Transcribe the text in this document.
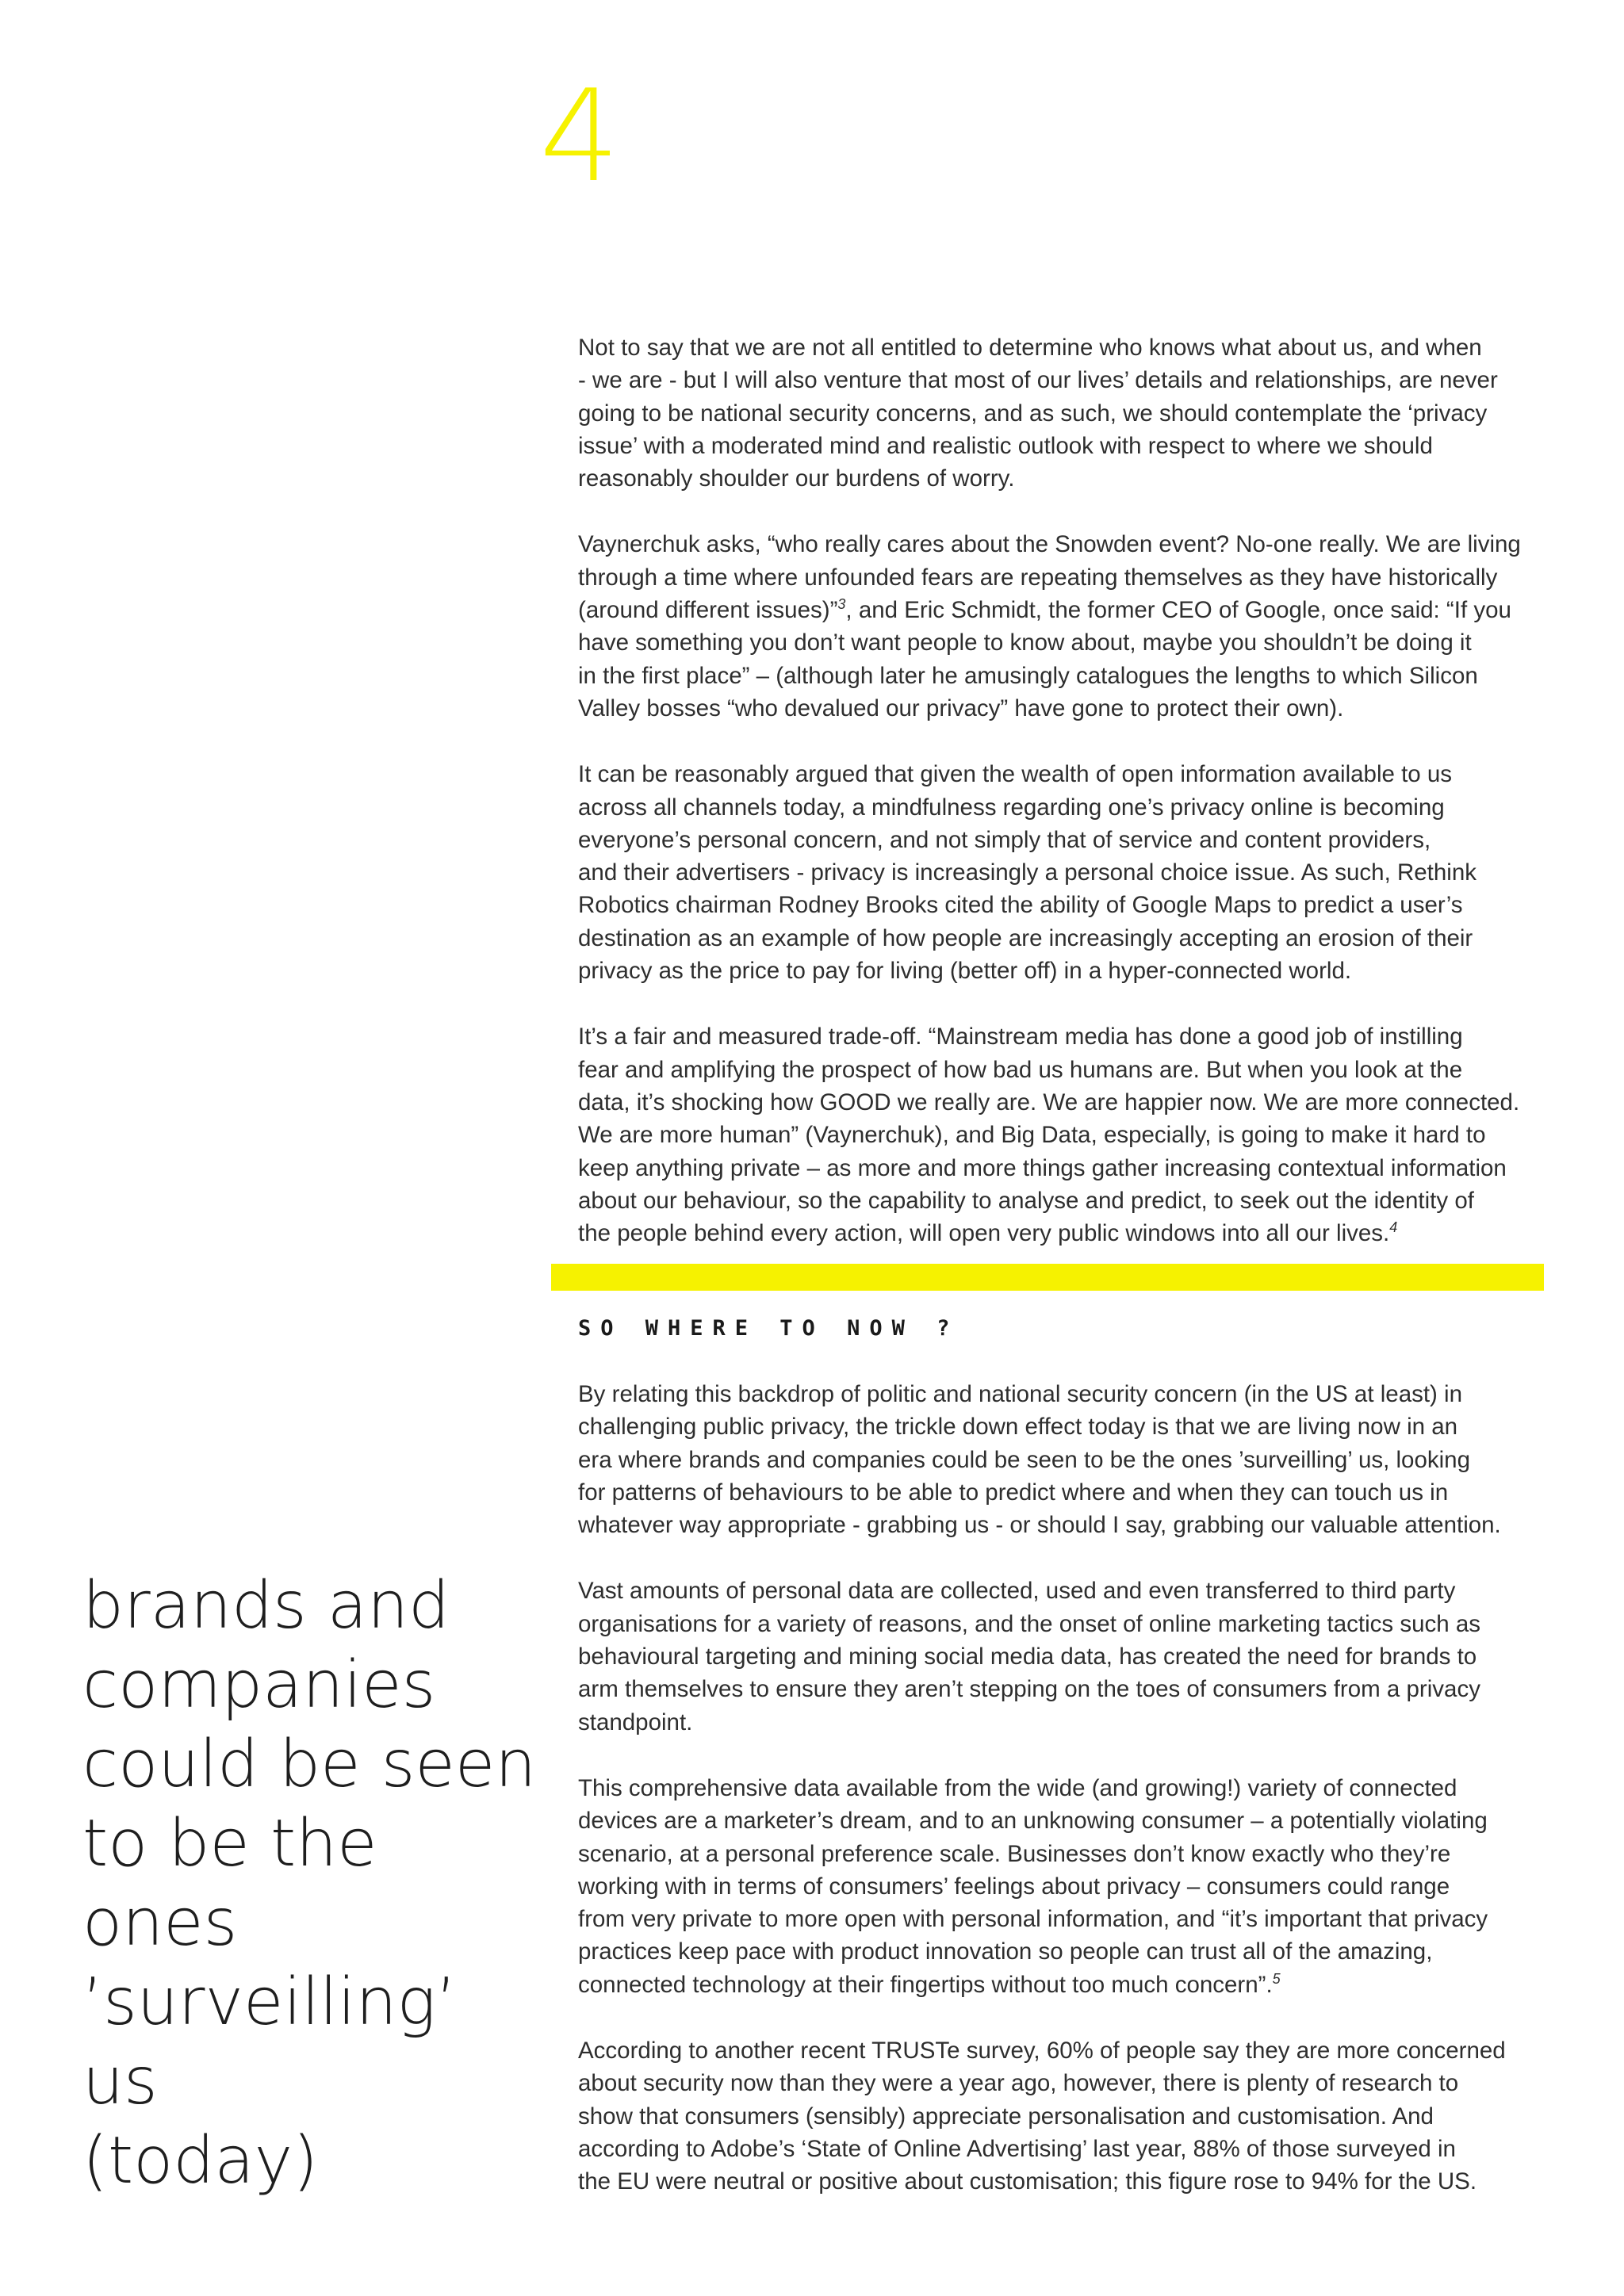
4

Not to say that we are not all entitled to determine who knows what about us, and when
- we are - but I will also venture that most of our lives’ details and relationships, are never
going to be national security concerns, and as such, we should contemplate the ‘privacy
issue’ with a moderated mind and realistic outlook with respect to where we should
reasonably shoulder our burdens of worry.

Vaynerchuk asks, “who really cares about the Snowden event? No-one really. We are living
through a time where unfounded fears are repeating themselves as they have historically
(around different issues)”$^3$, and Eric Schmidt, the former CEO of Google, once said: “If you
have something you don’t want people to know about, maybe you shouldn’t be doing it
in the first place” – (although later he amusingly catalogues the lengths to which Silicon
Valley bosses “who devalued our privacy” have gone to protect their own).

It can be reasonably argued that given the wealth of open information available to us
across all channels today, a mindfulness regarding one’s privacy online is becoming
everyone’s personal concern, and not simply that of service and content providers,
and their advertisers - privacy is increasingly a personal choice issue. As such, Rethink
Robotics chairman Rodney Brooks cited the ability of Google Maps to predict a user’s
destination as an example of how people are increasingly accepting an erosion of their
privacy as the price to pay for living (better off) in a hyper-connected world.

It’s a fair and measured trade-off. “Mainstream media has done a good job of instilling
fear and amplifying the prospect of how bad us humans are. But when you look at the
data, it’s shocking how GOOD we really are. We are happier now. We are more connected.
We are more human” (Vaynerchuk), and Big Data, especially, is going to make it hard to
keep anything private – as more and more things gather increasing contextual information
about our behaviour, so the capability to analyse and predict, to seek out the identity of
the people behind every action, will open very public windows into all our lives.$^4$

SO WHERE TO NOW ?

By relating this backdrop of politic and national security concern (in the US at least) in
challenging public privacy, the trickle down effect today is that we are living now in an
era where brands and companies could be seen to be the ones ’surveilling’ us, looking
for patterns of behaviours to be able to predict where and when they can touch us in
whatever way appropriate - grabbing us - or should I say, grabbing our valuable attention.

Vast amounts of personal data are collected, used and even transferred to third party
organisations for a variety of reasons, and the onset of online marketing tactics such as
behavioural targeting and mining social media data, has created the need for brands to
arm themselves to ensure they aren’t stepping on the toes of consumers from a privacy
standpoint.

This comprehensive data available from the wide (and growing!) variety of connected
devices are a marketer’s dream, and to an unknowing consumer – a potentially violating
scenario, at a personal preference scale. Businesses don’t know exactly who they’re
working with in terms of consumers’ feelings about privacy – consumers could range
from very private to more open with personal information, and “it’s important that privacy
practices keep pace with product innovation so people can trust all of the amazing,
connected technology at their fingertips without too much concern”.$^5$

According to another recent TRUSTe survey, 60% of people say they are more concerned
about security now than they were a year ago, however, there is plenty of research to
show that consumers (sensibly) appreciate personalisation and customisation. And
according to Adobe’s ‘State of Online Advertising’ last year, 88% of those surveyed in
the EU were neutral or positive about customisation; this figure rose to 94% for the US.

brands and
companies
could be seen
to be the ones
’surveilling’ us
(today)
